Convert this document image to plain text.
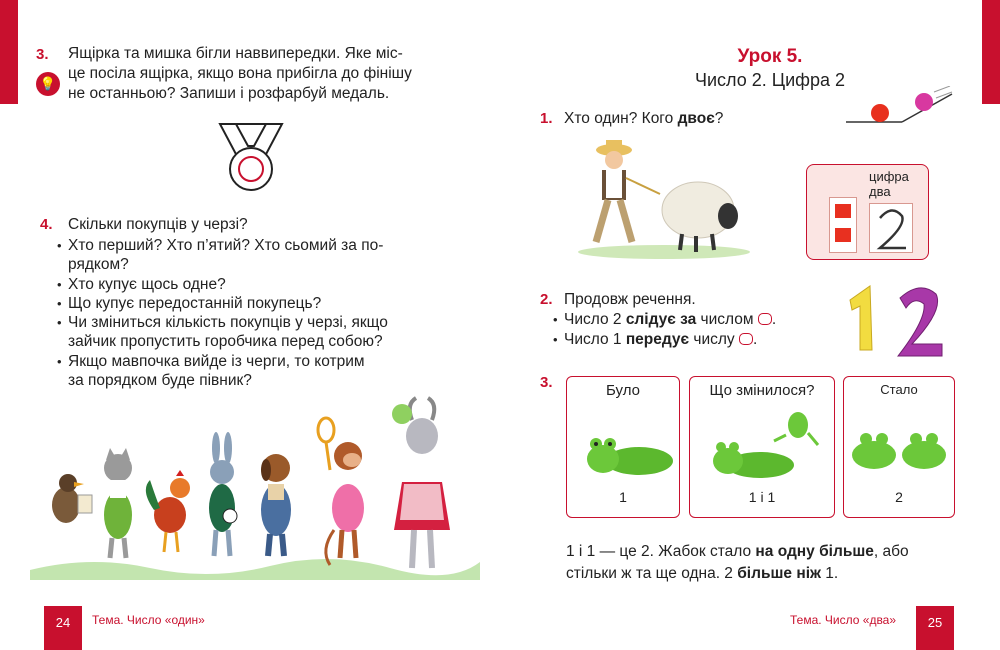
3.
💡
Ящірка та мишка бігли наввипередки. Яке міс-
це посіла ящірка, якщо вона прибігла до фінішу
не останньою? Запиши і розфарбуй медаль.
4. Скільки покупців у черзі?
• Хто перший? Хто п’ятий? Хто сьомий за по-
рядком?
• Хто купує щось одне?
• Що купує передостанній покупець?
• Чи зміниться кількість покупців у черзі, якщо
зайчик пропустить горобчика перед собою?
• Якщо мавпочка вийде із черги, то котрим
за порядком буде півник?
24	Тема. Число «один»
Урок 5.
Число 2. Цифра 2
1. Хто один? Кого двоє?
цифра
два
2. Продовж речення.
• Число 2 слідує за числом .
• Число 1 передує числу .
3.	Було
1
Що змінилося?
1 і 1
Стало
2
1 і 1 — це 2. Жабок стало на одну більше, або
стільки ж та ще одна. 2 більше ніж 1.
Тема. Число «два»	25
